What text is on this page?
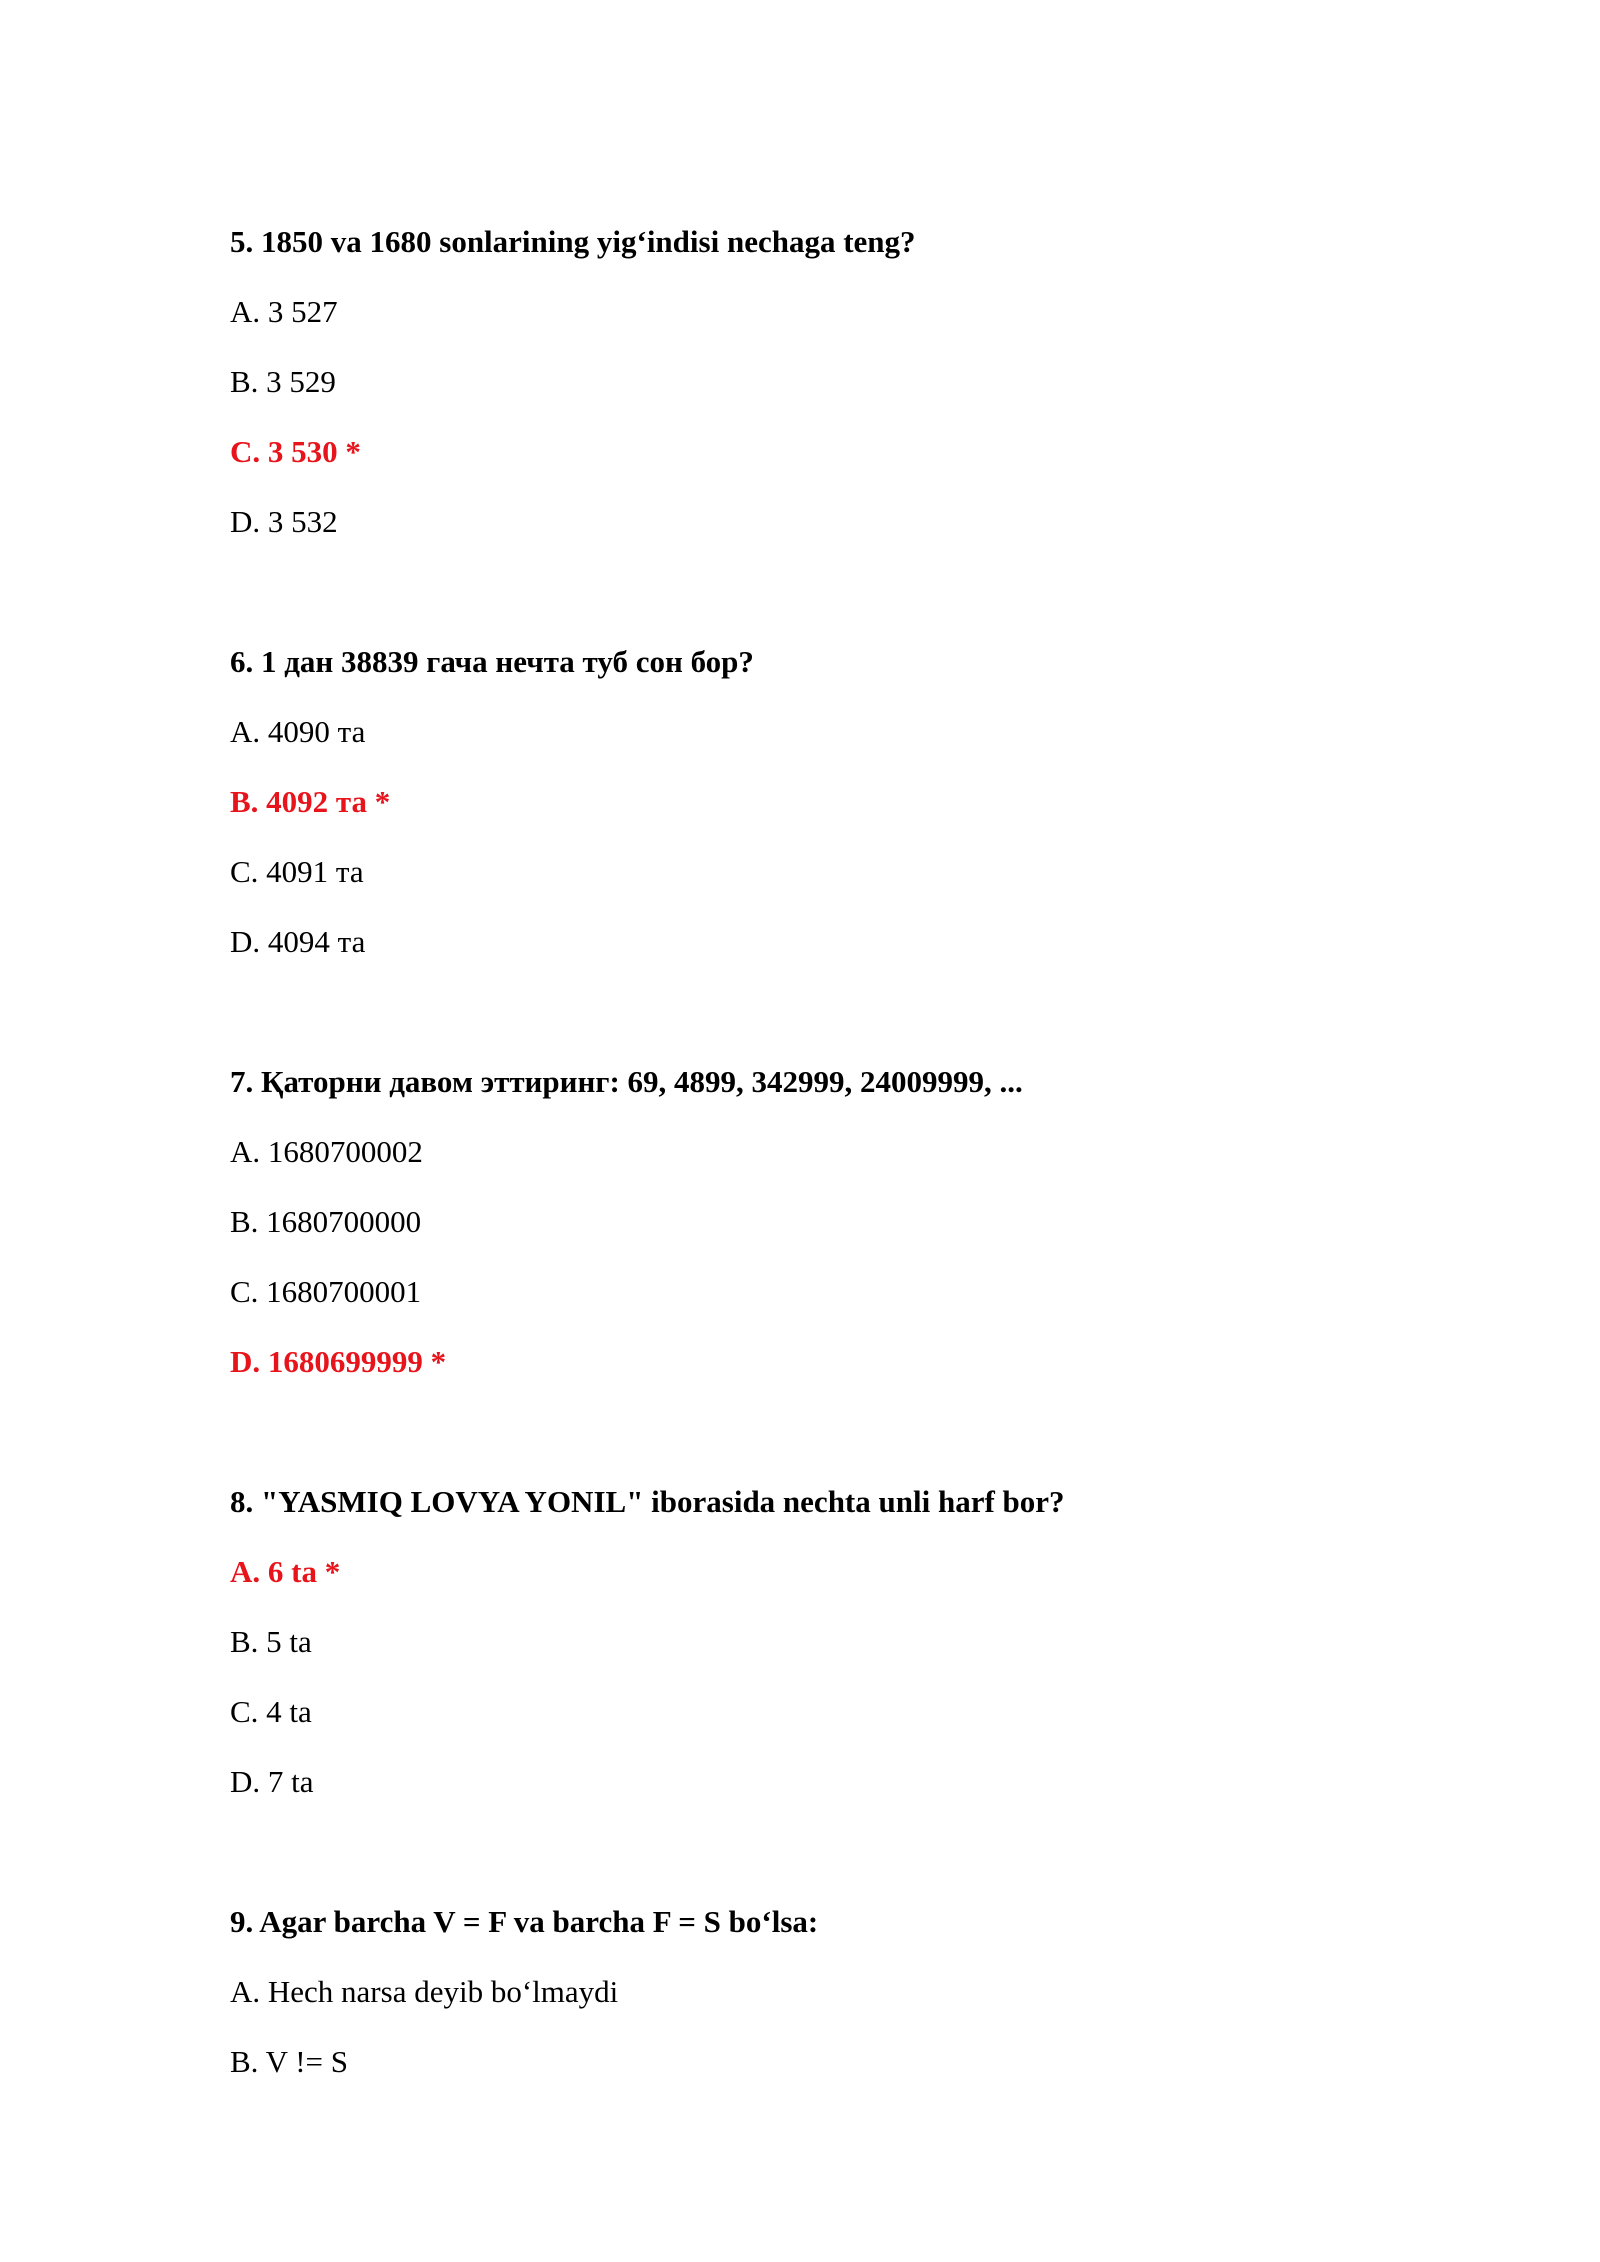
5. 1850 va 1680 sonlarining yig‘indisi nechaga teng?
A. 3 527
B. 3 529
C. 3 530 *
D. 3 532
6. 1 дан 38839 гача нечта туб сон бор?
A. 4090 та
B. 4092 та *
C. 4091 та
D. 4094 та
7. Қаторни давом эттиринг: 69, 4899, 342999, 24009999, ...
A. 1680700002
B. 1680700000
C. 1680700001
D. 1680699999 *
8. "YASMIQ LOVYA YONIL" iborasida nechta unli harf bor?
A. 6 ta *
B. 5 ta
C. 4 ta
D. 7 ta
9. Agar barcha V = F va barcha F = S bo‘lsa:
A. Hech narsa deyib bo‘lmaydi
B. V != S
